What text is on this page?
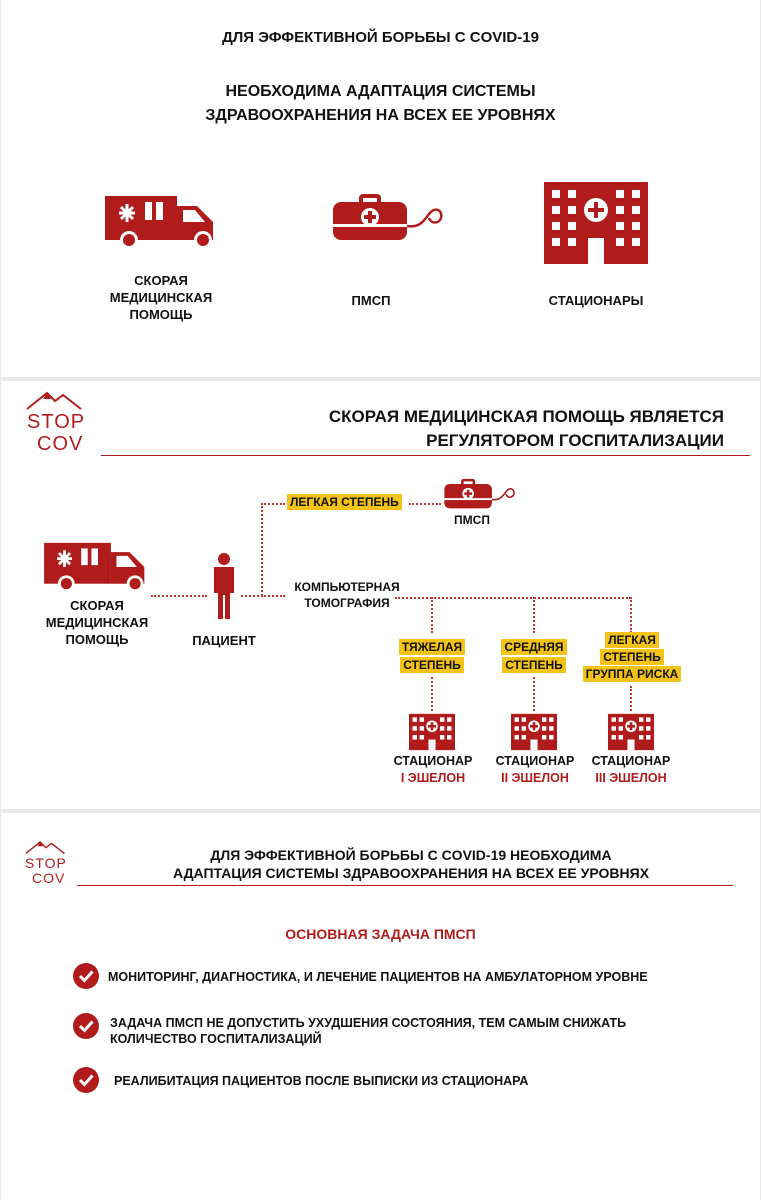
ДЛЯ ЭФФЕКТИВНОЙ БОРЬБЫ С COVID-19
НЕОБХОДИМА АДАПТАЦИЯ СИСТЕМЫ
ЗДРАВООХРАНЕНИЯ НА ВСЕХ ЕЕ УРОВНЯХ
СКОРАЯ
МЕДИЦИНСКАЯ
ПОМОЩЬ
ПМСП	СТАЦИОНАРЫ
STOP
COV
СКОРАЯ МЕДИЦИНСКАЯ ПОМОЩЬ ЯВЛЯЕТСЯ
РЕГУЛЯТОРОМ ГОСПИТАЛИЗАЦИИ
СКОРАЯ
МЕДИЦИНСКАЯ
ПОМОЩЬ	ПАЦИЕНТ
ЛЕГКАЯ СТЕПЕНЬ
ПМСП
КОМПЬЮТЕРНАЯ
ТОМОГРАФИЯ
ТЯЖЕЛАЯ
СТЕПЕНЬ
СТАЦИОНАР
I ЭШЕЛОН
СРЕДНЯЯ
СТЕПЕНЬ
СТАЦИОНАР
II ЭШЕЛОН
ЛЕГКАЯ
СТЕПЕНЬ
ГРУППА РИСКА
СТАЦИОНАР
III ЭШЕЛОН
STOP
COV
ДЛЯ ЭФФЕКТИВНОЙ БОРЬБЫ С COVID-19 НЕОБХОДИМА
АДАПТАЦИЯ СИСТЕМЫ ЗДРАВООХРАНЕНИЯ НА ВСЕХ ЕЕ УРОВНЯХ
ОСНОВНАЯ ЗАДАЧА ПМСП
МОНИТОРИНГ, ДИАГНОСТИКА, И ЛЕЧЕНИЕ ПАЦИЕНТОВ НА АМБУЛАТОРНОМ УРОВНЕ
ЗАДАЧА ПМСП НЕ ДОПУСТИТЬ УХУДШЕНИЯ СОСТОЯНИЯ, ТЕМ САМЫМ СНИЖАТЬ
КОЛИЧЕСТВО ГОСПИТАЛИЗАЦИЙ
РЕАЛИБИТАЦИЯ ПАЦИЕНТОВ ПОСЛЕ ВЫПИСКИ ИЗ СТАЦИОНАРА
